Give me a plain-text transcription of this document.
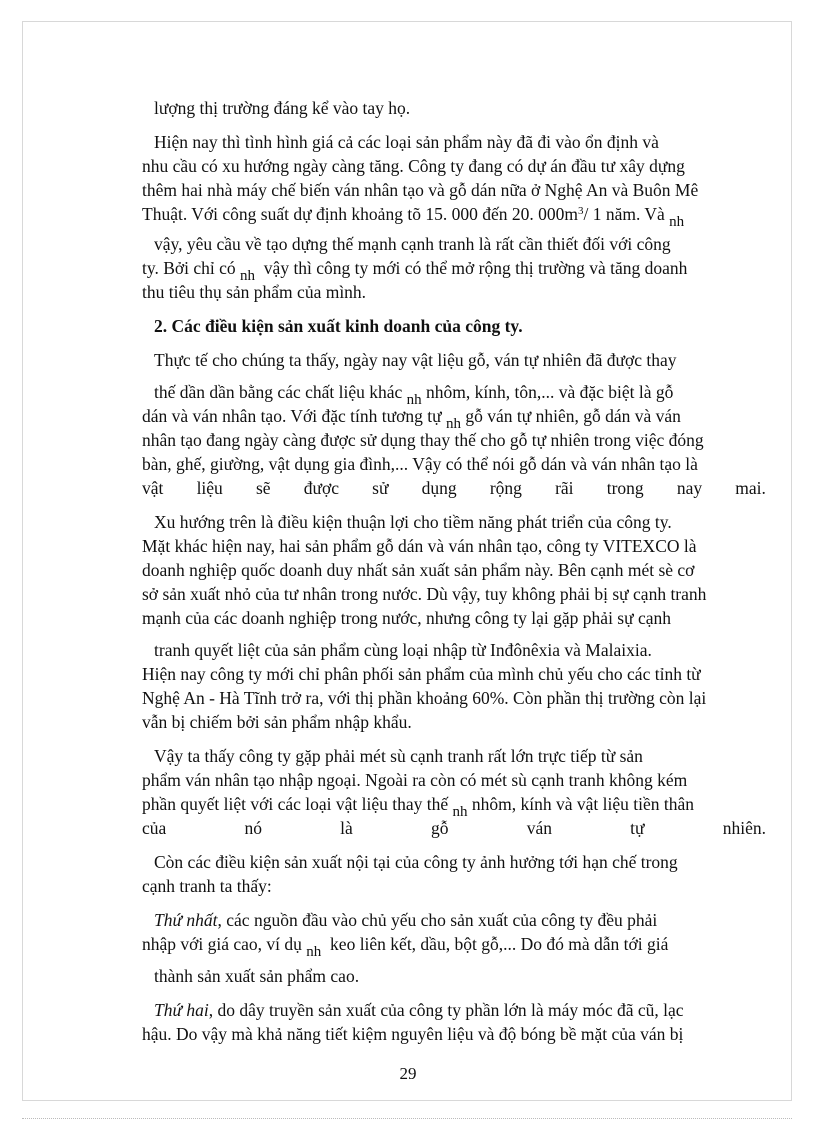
lượng thị trường đáng kể vào tay họ.
Hiện nay thì tình hình giá cả các loại sản phẩm này đã đi vào ổn định và
nhu cầu có xu hướng ngày càng tăng. Công ty đang có dự án đầu tư xây dựng
thêm hai nhà máy chế biến ván nhân tạo và gỗ dán nữa ở Nghệ An và Buôn Mê
Thuật. Với công suất dự định khoảng tõ 15. 000 đến 20. $000m^3/$ 1 năm. Và nh
vậy, yêu cầu về tạo dựng thế mạnh cạnh tranh là rất cần thiết đối với công
ty. Bởi chỉ có nh vậy thì công ty mới có thể mở rộng thị trường và tăng doanh
thu tiêu thụ sản phẩm của mình.
2. Các điều kiện sản xuất kinh doanh của công ty.
Thực tế cho chúng ta thấy, ngày nay vật liệu gỗ, ván tự nhiên đã được thay
thế dần dần bằng các chất liệu khác nh nhôm, kính, tôn,... và đặc biệt là gỗ
dán và ván nhân tạo. Với đặc tính tương tự nh gỗ ván tự nhiên, gỗ dán và ván
nhân tạo đang ngày càng được sử dụng thay thế cho gỗ tự nhiên trong việc đóng
bàn, ghế, giường, vật dụng gia đình,... Vậy có thể nói gỗ dán và ván nhân tạo là
vật liệu sẽ được sử dụng rộng rãi trong nay mai.
Xu hướng trên là điều kiện thuận lợi cho tiềm năng phát triển của công ty.
Mặt khác hiện nay, hai sản phẩm gỗ dán và ván nhân tạo, công ty VITEXCO là
doanh nghiệp quốc doanh duy nhất sản xuất sản phẩm này. Bên cạnh mét sè cơ
sở sản xuất nhỏ của tư nhân trong nước. Dù vậy, tuy không phải bị sự cạnh tranh
mạnh của các doanh nghiệp trong nước, nhưng công ty lại gặp phải sự cạnh
tranh quyết liệt của sản phẩm cùng loại nhập từ Inđônêxia và Malaixia.
Hiện nay công ty mới chỉ phân phối sản phẩm của mình chủ yếu cho các tỉnh từ
Nghệ An - Hà Tĩnh trở ra, với thị phần khoảng 60%. Còn phần thị trường còn lại
vẫn bị chiếm bởi sản phẩm nhập khẩu.
Vậy ta thấy công ty gặp phải mét sù cạnh tranh rất lớn trực tiếp từ sản
phẩm ván nhân tạo nhập ngoại. Ngoài ra còn có mét sù cạnh tranh không kém
phần quyết liệt với các loại vật liệu thay thế nh nhôm, kính và vật liệu tiền thân
của	nó	là	gỗ	ván	tự	nhiên.
Còn các điều kiện sản xuất nội tại của công ty ảnh hưởng tới hạn chế trong
cạnh tranh ta thấy:
Thứ nhất, các nguồn đầu vào chủ yếu cho sản xuất của công ty đều phải
nhập với giá cao, ví dụ nh keo liên kết, dầu, bột gỗ,... Do đó mà dẫn tới giá
thành sản xuất sản phẩm cao.
Thứ hai, do dây truyền sản xuất của công ty phần lớn là máy móc đã cũ, lạc
hậu. Do vậy mà khả năng tiết kiệm nguyên liệu và độ bóng bề mặt của ván bị
29
